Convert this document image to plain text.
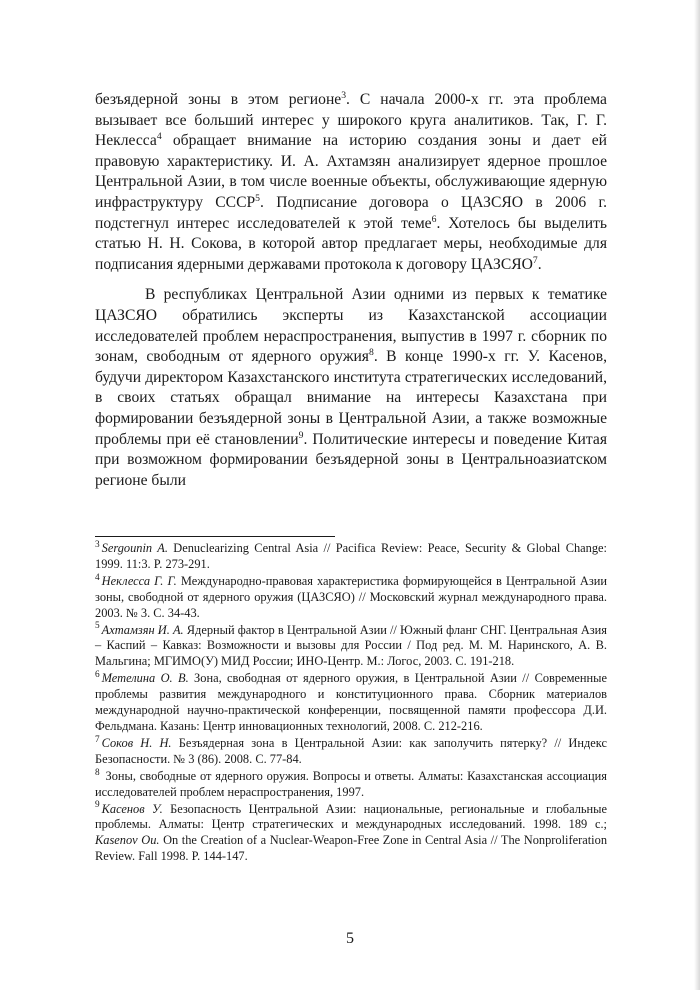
безъядерной зоны в этом регионе$^3$. С начала 2000-х гг. эта проблема вызывает все больший интерес у широкого круга аналитиков. Так, Г. Г. Неклесса$^4$ обращает внимание на историю создания зоны и дает ей правовую характеристику. И. А. Ахтамзян анализирует ядерное прошлое Центральной Азии, в том числе военные объекты, обслуживающие ядерную инфраструктуру СССР$^5$. Подписание договора о ЦАЗСЯО в 2006 г. подстегнул интерес исследователей к этой теме$^6$. Хотелось бы выделить статью Н. Н. Сокова, в которой автор предлагает меры, необходимые для подписания ядерными державами протокола к договору ЦАЗСЯО$^7$.

В республиках Центральной Азии одними из первых к тематике ЦАЗСЯО обратились эксперты из Казахстанской ассоциации исследователей проблем нераспространения, выпустив в 1997 г. сборник по зонам, свободным от ядерного оружия$^8$. В конце 1990-х гг. У. Касенов, будучи директором Казахстанского института стратегических исследований, в своих статьях обращал внимание на интересы Казахстана при формировании безъядерной зоны в Центральной Азии, а также возможные проблемы при её становлении$^9$. Политические интересы и поведение Китая при возможном формировании безъядерной зоны в Центральноазиатском регионе были

$^3$ Sergounin A. Denuclearizing Central Asia // Pacifica Review: Peace, Security & Global Change: 1999. 11:3. P. 273-291.

$^4$ Неклесса Г. Г. Международно-правовая характеристика формирующейся в Центральной Азии зоны, свободной от ядерного оружия (ЦАЗСЯО) // Московский журнал международного права. 2003. № 3. С. 34-43.

$^5$ Ахтамзян И. А. Ядерный фактор в Центральной Азии // Южный фланг СНГ. Центральная Азия – Каспий – Кавказ: Возможности и вызовы для России / Под ред. М. М. Наринского, А. В. Мальгина; МГИМО(У) МИД России; ИНО-Центр. М.: Логос, 2003. С. 191-218.

$^6$ Метелина О. В. Зона, свободная от ядерного оружия, в Центральной Азии // Современные проблемы развития международного и конституционного права. Сборник материалов международной научно-практической конференции, посвященной памяти профессора Д.И. Фельдмана. Казань: Центр инновационных технологий, 2008. С. 212-216.

$^7$ Соков Н. Н. Безъядерная зона в Центральной Азии: как заполучить пятерку? // Индекс Безопасности. № 3 (86). 2008. С. 77-84.

$^8$ Зоны, свободные от ядерного оружия. Вопросы и ответы. Алматы: Казахстанская ассоциация исследователей проблем нераспространения, 1997.

$^9$ Касенов У. Безопасность Центральной Азии: национальные, региональные и глобальные проблемы. Алматы: Центр стратегических и международных исследований. 1998. 189 с.; Kasenov Ou. On the Creation of a Nuclear-Weapon-Free Zone in Central Asia // The Nonproliferation Review. Fall 1998. P. 144-147.

5
